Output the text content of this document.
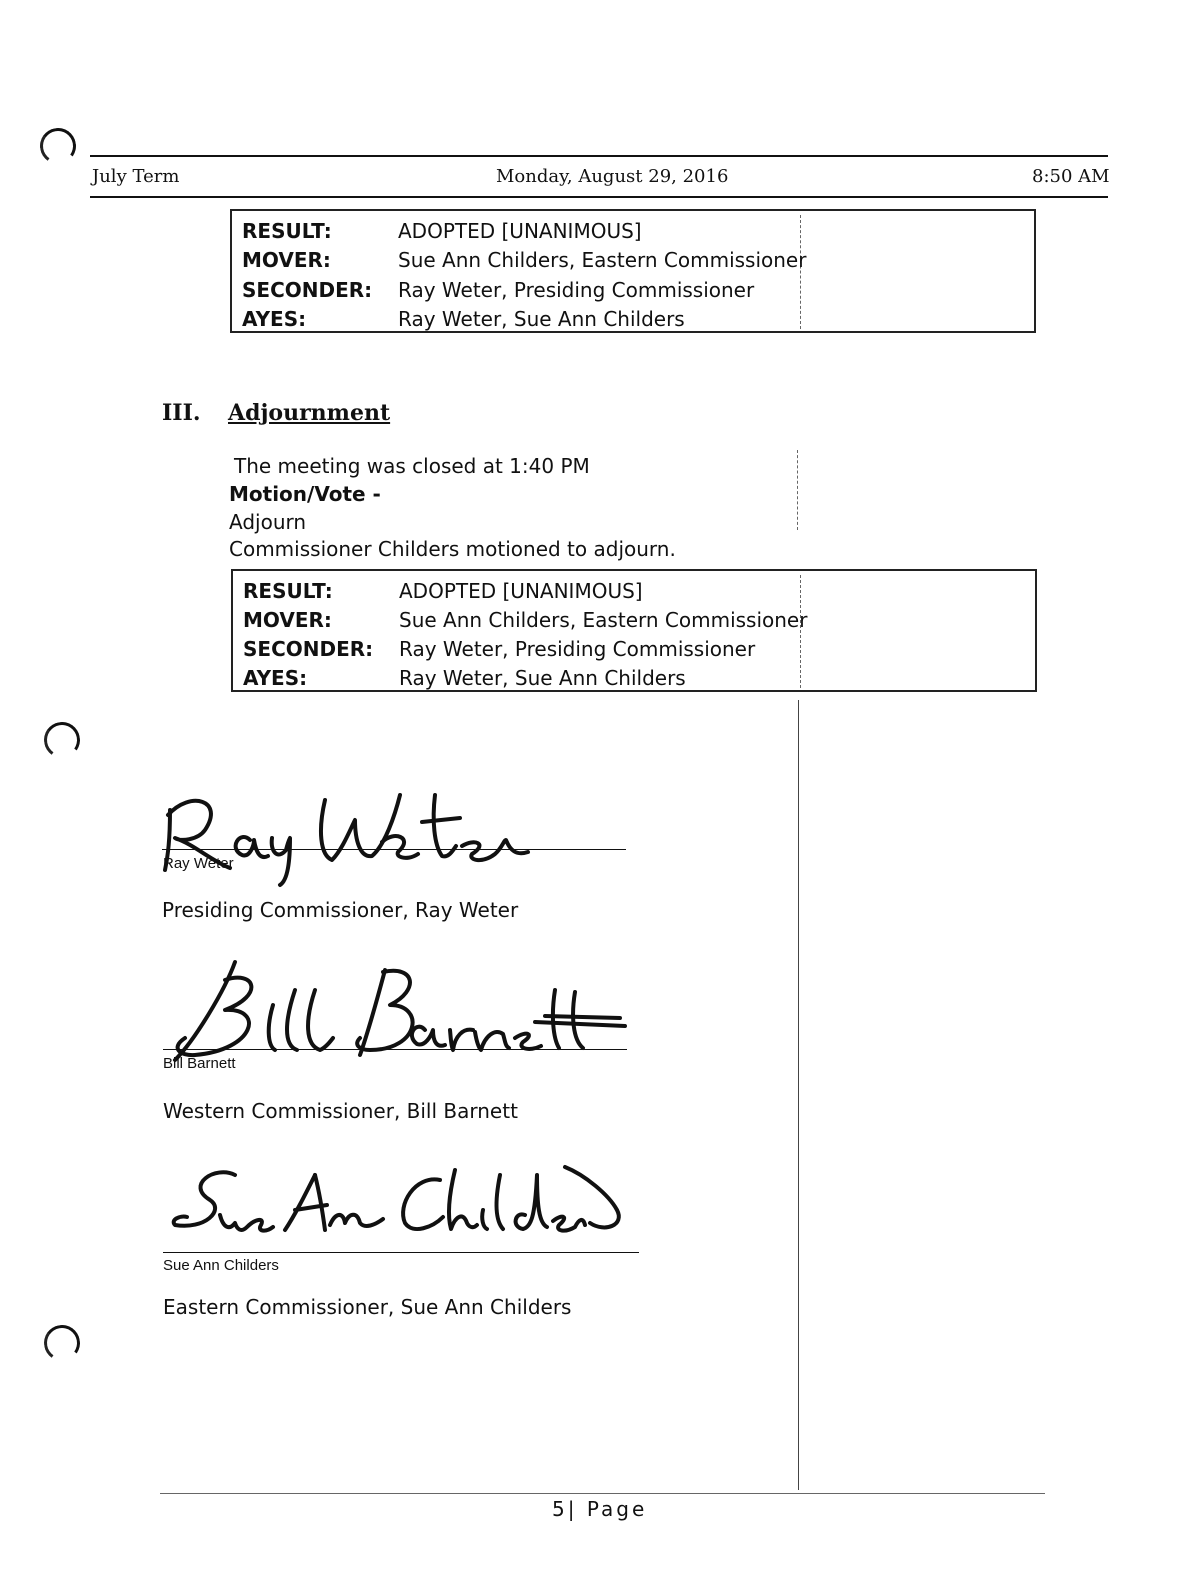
July Term	Monday, August 29, 2016	8:50 AM
RESULT:	ADOPTED [UNANIMOUS]
MOVER:	Sue Ann Childers, Eastern Commissioner
SECONDER: Ray Weter, Presiding Commissioner
AYES:	Ray Weter, Sue Ann Childers
III. Adjournment
The meeting was closed at 1:40 PM
Motion/Vote -
Adjourn
Commissioner Childers motioned to adjourn.
RESULT:	ADOPTED [UNANIMOUS]
MOVER:	Sue Ann Childers, Eastern Commissioner
SECONDER: Ray Weter, Presiding Commissioner
AYES:	Ray Weter, Sue Ann Childers
Ray Weter
Presiding Commissioner, Ray Weter
Bill Barnett
Western Commissioner, Bill Barnett
Sue Ann Childers
Eastern Commissioner, Sue Ann Childers
5| Page
